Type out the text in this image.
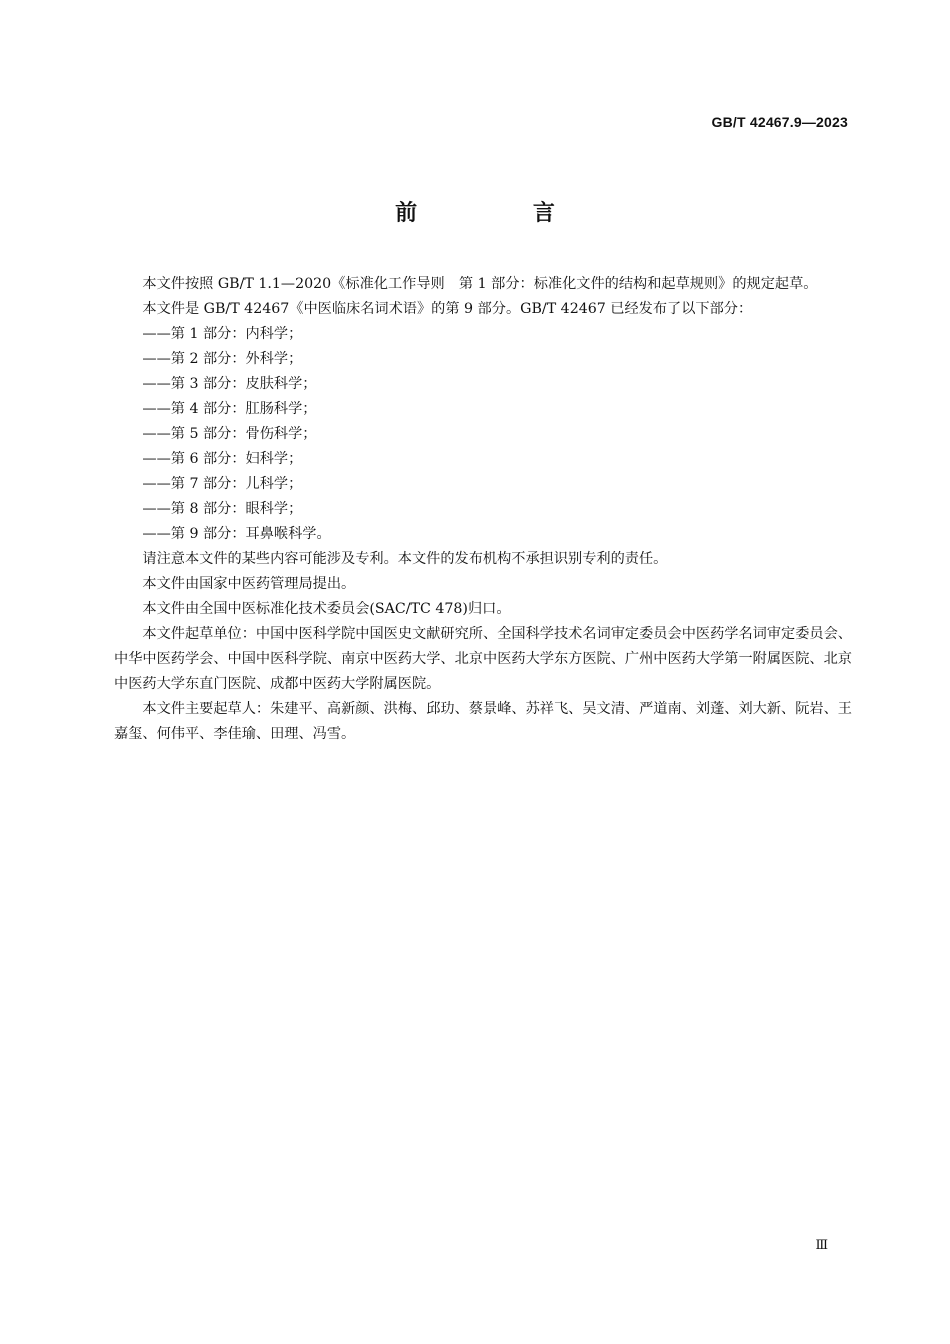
GB/T 42467.9—2023
前 言

本文件按照 GB/T 1.1—2020《标准化工作导则　第 1 部分：标准化文件的结构和起草规则》的规定起草。

本文件是 GB/T 42467《中医临床名词术语》的第 9 部分。GB/T 42467 已经发布了以下部分：

——第 1 部分：内科学；

——第 2 部分：外科学；

——第 3 部分：皮肤科学；

——第 4 部分：肛肠科学；

——第 5 部分：骨伤科学；

——第 6 部分：妇科学；

——第 7 部分：儿科学；

——第 8 部分：眼科学；

——第 9 部分：耳鼻喉科学。

请注意本文件的某些内容可能涉及专利。本文件的发布机构不承担识别专利的责任。

本文件由国家中医药管理局提出。

本文件由全国中医标准化技术委员会(SAC/TC 478)归口。

本文件起草单位：中国中医科学院中国医史文献研究所、全国科学技术名词审定委员会中医药学名词审定委员会、中华中医药学会、中国中医科学院、南京中医药大学、北京中医药大学东方医院、广州中医药大学第一附属医院、北京中医药大学东直门医院、成都中医药大学附属医院。

本文件主要起草人：朱建平、高新颜、洪梅、邱玏、蔡景峰、苏祥飞、吴文清、严道南、刘蓬、刘大新、阮岩、王嘉玺、何伟平、李佳瑜、田理、冯雪。

Ⅲ
